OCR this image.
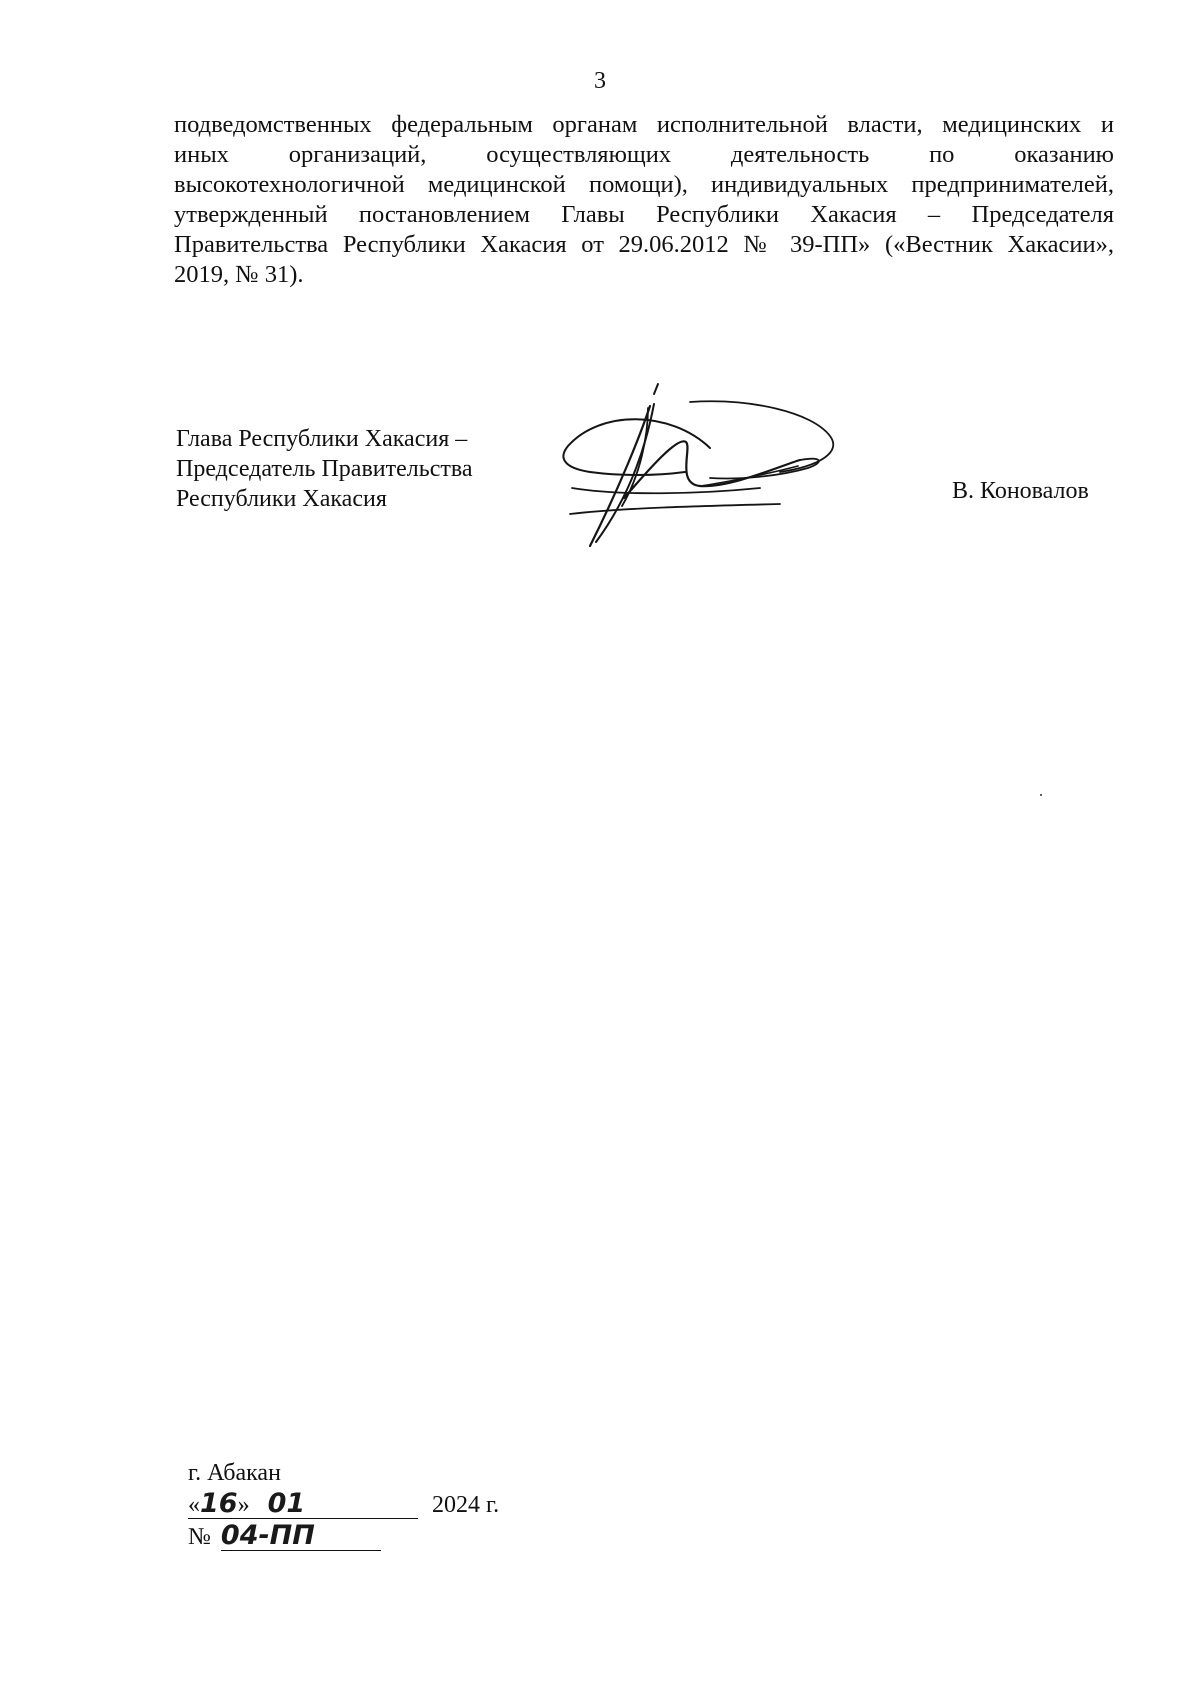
3
подведомственных федеральным органам исполнительной власти, медицинских и
иных организаций, осуществляющих деятельность по оказанию
высокотехнологичной медицинской помощи), индивидуальных предпринимателей,
утвержденный постановлением Главы Республики Хакасия – Председателя
Правительства Республики Хакасия от 29.06.2012 № 39-ПП» («Вестник Хакасии»,
2019, № 31).
Глава Республики Хакасия –
Председатель Правительства
Республики Хакасия	В. Коновалов
г. Абакан
«16» 01	2024 г.
№ 04-ПП
